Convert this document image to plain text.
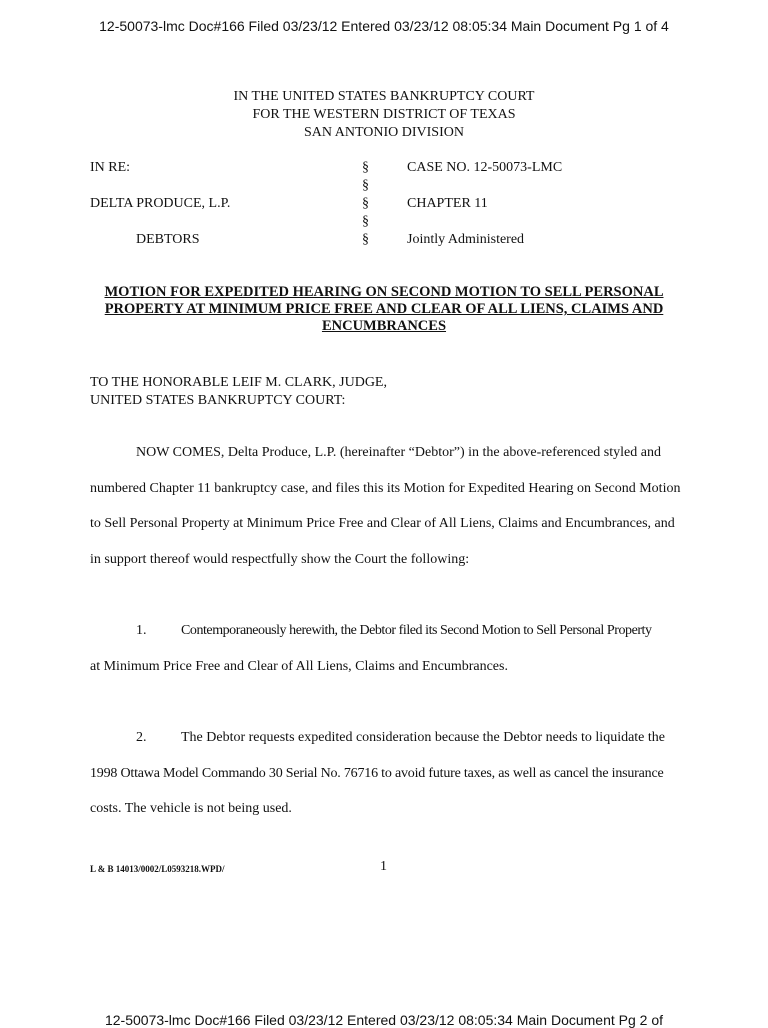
12-50073-lmc Doc#166 Filed 03/23/12 Entered 03/23/12 08:05:34 Main Document Pg 1 of 4
IN THE UNITED STATES BANKRUPTCY COURT
FOR THE WESTERN DISTRICT OF TEXAS
SAN ANTONIO DIVISION
IN RE:
DELTA PRODUCE, L.P.
DEBTORS
§
§
§
§
§
CASE NO. 12-50073-LMC
CHAPTER 11
Jointly Administered
MOTION FOR EXPEDITED HEARING ON SECOND MOTION TO SELL PERSONAL PROPERTY AT MINIMUM PRICE FREE AND CLEAR OF ALL LIENS, CLAIMS AND ENCUMBRANCES
TO THE HONORABLE LEIF M. CLARK, JUDGE,
UNITED STATES BANKRUPTCY COURT:
NOW COMES, Delta Produce, L.P. (hereinafter “Debtor”) in the above-referenced styled and
numbered Chapter 11 bankruptcy case, and files this its Motion for Expedited Hearing on Second Motion
to Sell Personal Property at Minimum Price Free and Clear of All Liens, Claims and Encumbrances, and
in support thereof would respectfully show the Court the following:
1. Contemporaneously herewith, the Debtor filed its Second Motion to Sell Personal Property
at Minimum Price Free and Clear of All Liens, Claims and Encumbrances.
2. The Debtor requests expedited consideration because the Debtor needs to liquidate the
1998 Ottawa Model Commando 30 Serial No. 76716 to avoid future taxes, as well as cancel the insurance
costs. The vehicle is not being used.
L & B 14013/0002/L0593218.WPD/	1
12-50073-lmc Doc#166 Filed 03/23/12 Entered 03/23/12 08:05:34 Main Document Pg 2 of
